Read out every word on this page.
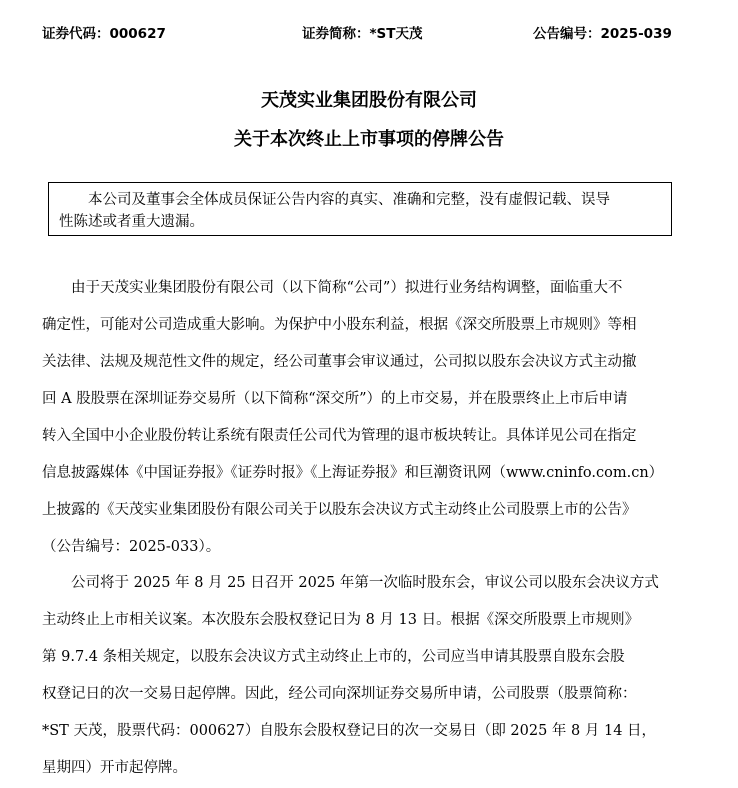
证券代码：000627	证券简称：*ST天茂	公告编号：2025-039
天茂实业集团股份有限公司
关于本次终止上市事项的停牌公告
本公司及董事会全体成员保证公告内容的真实、准确和完整，没有虚假记载、误导
性陈述或者重大遗漏。
由于天茂实业集团股份有限公司（以下简称“公司”）拟进行业务结构调整，面临重大不
确定性，可能对公司造成重大影响。为保护中小股东利益，根据《深交所股票上市规则》等相
关法律、法规及规范性文件的规定，经公司董事会审议通过，公司拟以股东会决议方式主动撤
回 A 股股票在深圳证券交易所（以下简称“深交所”）的上市交易，并在股票终止上市后申请
转入全国中小企业股份转让系统有限责任公司代为管理的退市板块转让。具体详见公司在指定
信息披露媒体《中国证券报》《证券时报》《上海证券报》和巨潮资讯网（www.cninfo.com.cn）
上披露的《天茂实业集团股份有限公司关于以股东会决议方式主动终止公司股票上市的公告》
（公告编号：2025-033）。
公司将于 2025 年 8 月 25 日召开 2025 年第一次临时股东会，审议公司以股东会决议方式
主动终止上市相关议案。本次股东会股权登记日为 8 月 13 日。根据《深交所股票上市规则》
第 9.7.4 条相关规定，以股东会决议方式主动终止上市的，公司应当申请其股票自股东会股
权登记日的次一交易日起停牌。因此，经公司向深圳证券交易所申请，公司股票（股票简称：
*ST 天茂，股票代码：000627）自股东会股权登记日的次一交易日（即 2025 年 8 月 14 日，
星期四）开市起停牌。
